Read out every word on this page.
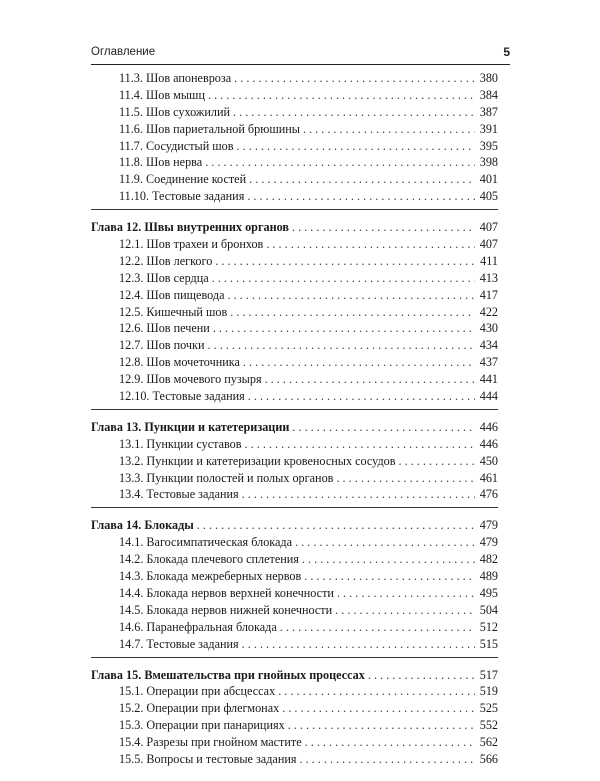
Оглавление	5
11.3. Шов апоневроза . . .	380
11.4. Шов мышц . . .	384
11.5. Шов сухожилий . . .	387
11.6. Шов париетальной брюшины . . .	391
11.7. Сосудистый шов . . .	395
11.8. Шов нерва . . .	398
11.9. Соединение костей . . .	401
11.10. Тестовые задания . . .	405
Глава 12. Швы внутренних органов . . .	407
12.1. Шов трахеи и бронхов . . .	407
12.2. Шов легкого . . .	411
12.3. Шов сердца . . .	413
12.4. Шов пищевода . . .	417
12.5. Кишечный шов . . .	422
12.6. Шов печени . . .	430
12.7. Шов почки . . .	434
12.8. Шов мочеточника . . .	437
12.9. Шов мочевого пузыря . . .	441
12.10. Тестовые задания . . .	444
Глава 13. Пункции и катетеризации . . .	446
13.1. Пункции суставов . . .	446
13.2. Пункции и катетеризации кровеносных сосудов . . .	450
13.3. Пункции полостей и полых органов . . .	461
13.4. Тестовые задания . . .	476
Глава 14. Блокады . . .	479
14.1. Вагосимпатическая блокада . . .	479
14.2. Блокада плечевого сплетения . . .	482
14.3. Блокада межреберных нервов . . .	489
14.4. Блокада нервов верхней конечности . . .	495
14.5. Блокада нервов нижней конечности . . .	504
14.6. Паранефральная блокада . . .	512
14.7. Тестовые задания . . .	515
Глава 15. Вмешательства при гнойных процессах . . .	517
15.1. Операции при абсцессах . . .	519
15.2. Операции при флегмонах . . .	525
15.3. Операции при панарициях . . .	552
15.4. Разрезы при гнойном мастите . . .	562
15.5. Вопросы и тестовые задания . . .	566
